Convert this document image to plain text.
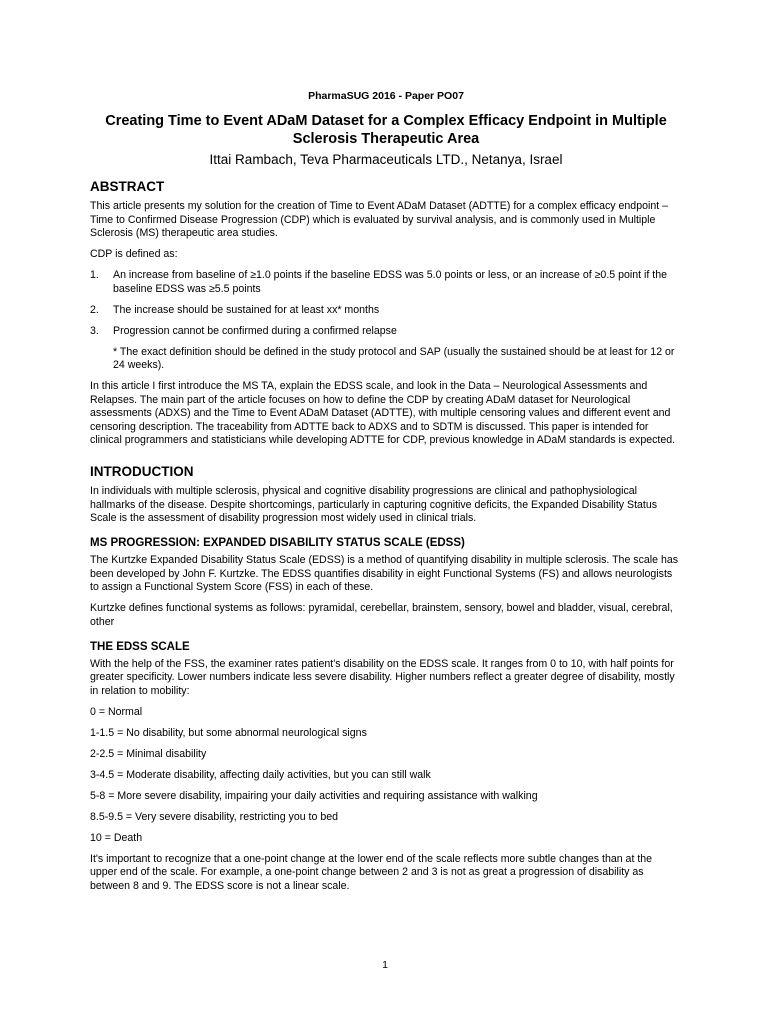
PharmaSUG 2016 - Paper PO07
Creating Time to Event ADaM Dataset for a Complex Efficacy Endpoint in Multiple Sclerosis Therapeutic Area
Ittai Rambach, Teva Pharmaceuticals LTD., Netanya, Israel
ABSTRACT

This article presents my solution for the creation of Time to Event ADaM Dataset (ADTTE) for a complex efficacy endpoint – Time to Confirmed Disease Progression (CDP) which is evaluated by survival analysis, and is commonly used in Multiple Sclerosis (MS) therapeutic area studies.

CDP is defined as:

1. An increase from baseline of ≥1.0 points if the baseline EDSS was 5.0 points or less, or an increase of ≥0.5 point if the baseline EDSS was ≥5.5 points
2. The increase should be sustained for at least xx* months
3. Progression cannot be confirmed during a confirmed relapse

* The exact definition should be defined in the study protocol and SAP (usually the sustained should be at least for 12 or 24 weeks).

In this article I first introduce the MS TA, explain the EDSS scale, and look in the Data – Neurological Assessments and Relapses. The main part of the article focuses on how to define the CDP by creating ADaM dataset for Neurological assessments (ADXS) and the Time to Event ADaM Dataset (ADTTE), with multiple censoring values and different event and censoring description. The traceability from ADTTE back to ADXS and to SDTM is discussed. This paper is intended for clinical programmers and statisticians while developing ADTTE for CDP, previous knowledge in ADaM standards is expected.

INTRODUCTION

In individuals with multiple sclerosis, physical and cognitive disability progressions are clinical and pathophysiological hallmarks of the disease. Despite shortcomings, particularly in capturing cognitive deficits, the Expanded Disability Status Scale is the assessment of disability progression most widely used in clinical trials.

MS PROGRESSION: EXPANDED DISABILITY STATUS SCALE (EDSS)

The Kurtzke Expanded Disability Status Scale (EDSS) is a method of quantifying disability in multiple sclerosis. The scale has been developed by John F. Kurtzke. The EDSS quantifies disability in eight Functional Systems (FS) and allows neurologists to assign a Functional System Score (FSS) in each of these.

Kurtzke defines functional systems as follows: pyramidal, cerebellar, brainstem, sensory, bowel and bladder, visual, cerebral, other

THE EDSS SCALE

With the help of the FSS, the examiner rates patient's disability on the EDSS scale. It ranges from 0 to 10, with half points for greater specificity. Lower numbers indicate less severe disability. Higher numbers reflect a greater degree of disability, mostly in relation to mobility:

0 = Normal

1-1.5 = No disability, but some abnormal neurological signs

2-2.5 = Minimal disability

3-4.5 = Moderate disability, affecting daily activities, but you can still walk

5-8 = More severe disability, impairing your daily activities and requiring assistance with walking

8.5-9.5 = Very severe disability, restricting you to bed

10 = Death

It's important to recognize that a one-point change at the lower end of the scale reflects more subtle changes than at the upper end of the scale. For example, a one-point change between 2 and 3 is not as great a progression of disability as between 8 and 9. The EDSS score is not a linear scale.

1
